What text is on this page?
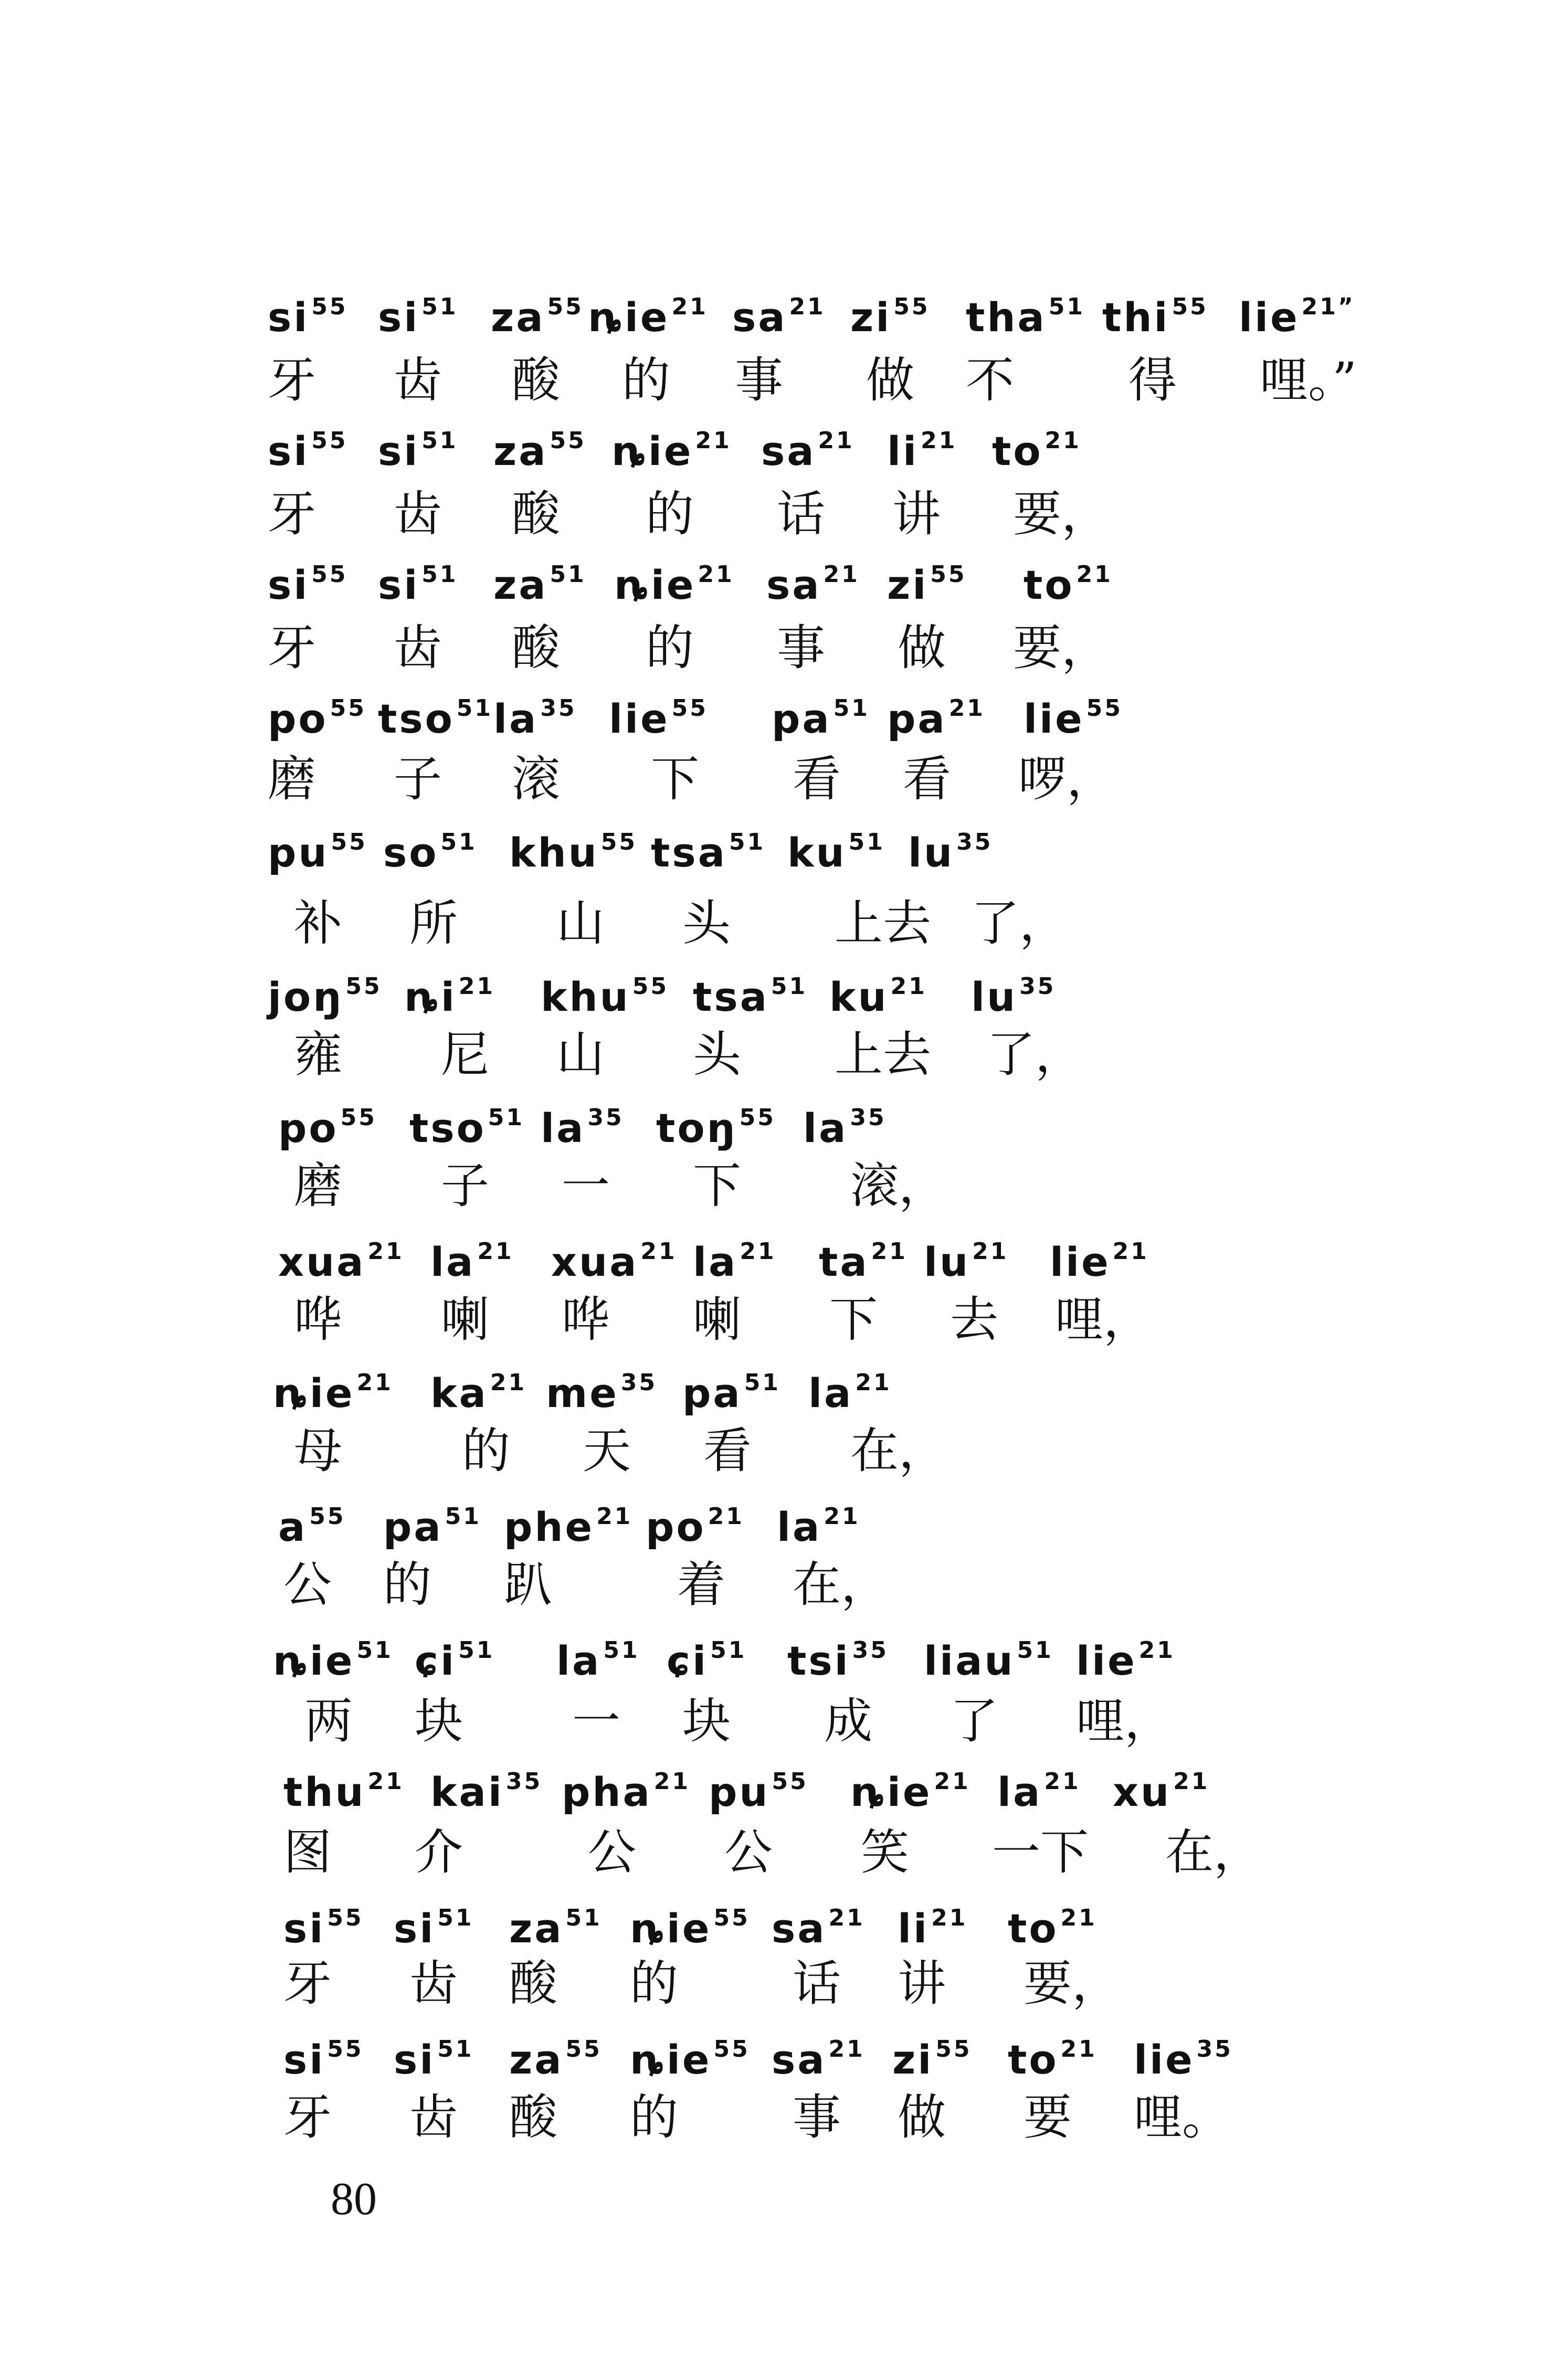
$si^{55}$ $si^{51}$ $za^{55}$ ȵie$^{21}$ $sa^{21}$ $zi^{55}$ tha$^{51}$ thi$^{55}$ lie$^{21”}$
牙 齿 酸 的 事 做 不 得 哩。”
$si^{55}$ $si^{51}$ $za^{55}$ ȵie$^{21}$ $sa^{21}$ $li^{21}$ $to^{21}$
牙 齿 酸 的 话 讲 要，
$si^{55}$ $si^{51}$ $za^{51}$ ȵie$^{21}$ $sa^{21}$ $zi^{55}$ $to^{21}$
牙 齿 酸 的 事 做 要，
$po^{55}$ tso$^{51}$ $la^{35}$ lie$^{55}$ $pa^{51}$ $pa^{21}$ lie$^{55}$
磨 子 滚 下 看 看 啰，
$pu^{55}$ $so^{51}$ khu$^{55}$ tsa$^{51}$ $ku^{51}$ $lu^{35}$
补 所 山 头 上去 了，
joŋ$^{55}$ $ȵi^{21}$ khu$^{55}$ tsa$^{51}$ $ku^{21}$ $lu^{35}$
雍 尼 山 头 上去 了，
$po^{55}$ tso$^{51}$ $la^{35}$ toŋ$^{55}$ $la^{35}$
磨 子 一 下 滚，
xua$^{21}$ $la^{21}$ xua$^{21}$ $la^{21}$ $ta^{21}$ $lu^{21}$ lie$^{21}$
哗 喇 哗 喇 下 去 哩，
ȵie$^{21}$ $ka^{21}$ $me^{35}$ $pa^{51}$ $la^{21}$
母 的 天 看 在，
$a^{55}$ $pa^{51}$ phe$^{21}$ $po^{21}$ $la^{21}$
公 的 趴	着 在，
ȵie$^{51}$ ɕi$^{51}$ $la^{51}$ ɕi$^{51}$ tsi$^{35}$ liau$^{51}$ lie$^{21}$
两 块 一 块 成 了 哩，
thu$^{21}$ kai$^{35}$ pha$^{21}$ $pu^{55}$ ȵie$^{21}$ $la^{21}$ $xu^{21}$
图 介	公 公 笑 一下 在，
$si^{55}$ $si^{51}$ $za^{51}$ ȵie$^{55}$ $sa^{21}$ $li^{21}$ $to^{21}$
牙 齿 酸 的 话 讲 要，
$si^{55}$ $si^{51}$ $za^{55}$ ȵie$^{55}$ $sa^{21}$ $zi^{55}$ $to^{21}$ lie$^{35}$
牙 齿 酸 的 事 做 要 哩。
80
